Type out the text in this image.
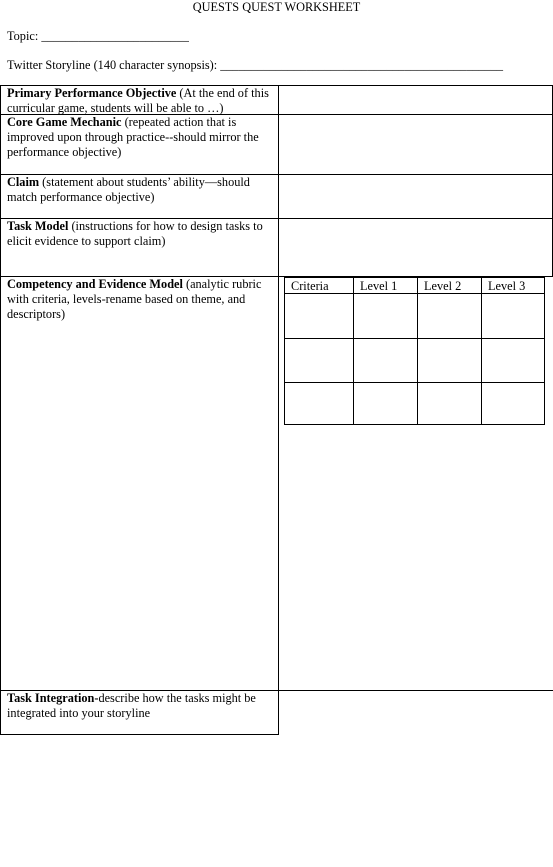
QUESTS QUEST WORKSHEET
Topic: ________________________
Twitter Storyline (140 character synopsis): ______________________________________________
Primary Performance Objective (At the end of this curricular game, students will be able to …)
Core Game Mechanic (repeated action that is improved upon through practice--should mirror the performance objective)
Claim (statement about students’ ability—should match performance objective)
Task Model (instructions for how to design tasks to elicit evidence to support claim)
Competency and Evidence Model (analytic rubric with criteria, levels-rename based on theme, and descriptors)
Task Integration-describe how the tasks might be integrated into your storyline
Criteria	Level 1 Level 2 Level 3
